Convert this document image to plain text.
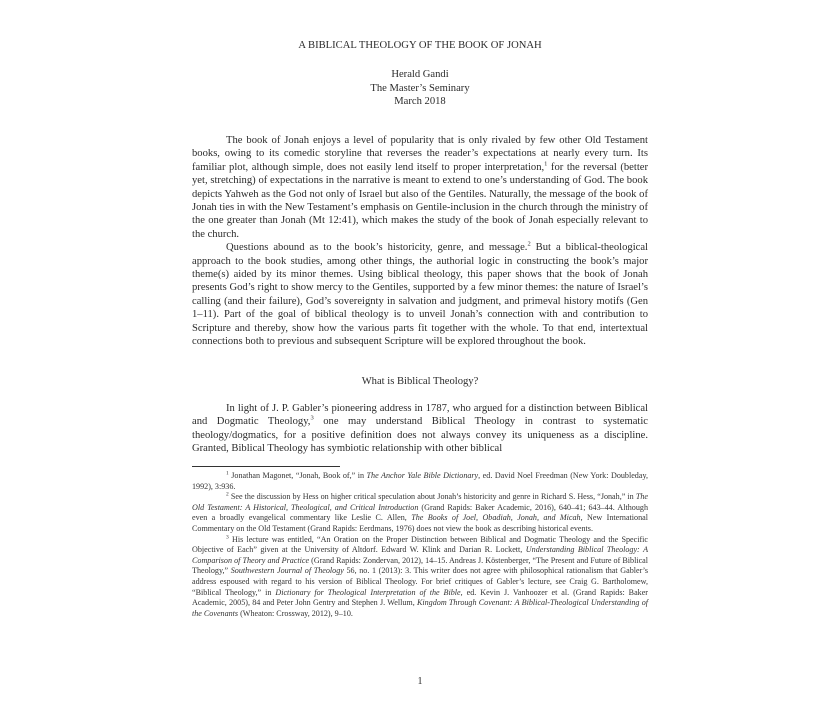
A BIBLICAL THEOLOGY OF THE BOOK OF JONAH
Herald Gandi
The Master’s Seminary
March 2018

The book of Jonah enjoys a level of popularity that is only rivaled by few other Old Testament books, owing to its comedic storyline that reverses the reader’s expectations at nearly every turn. Its familiar plot, although simple, does not easily lend itself to proper interpretation,$^1$ for the reversal (better yet, stretching) of expectations in the narrative is meant to extend to one’s understanding of God. The book depicts Yahweh as the God not only of Israel but also of the Gentiles. Naturally, the message of the book of Jonah ties in with the New Testament’s emphasis on Gentile-inclusion in the church through the ministry of the one greater than Jonah (Mt 12:41), which makes the study of the book of Jonah especially relevant to the church.

Questions abound as to the book’s historicity, genre, and message.$^2$ But a biblical-theological approach to the book studies, among other things, the authorial logic in constructing the book’s major theme(s) aided by its minor themes. Using biblical theology, this paper shows that the book of Jonah presents God’s right to show mercy to the Gentiles, supported by a few minor themes: the nature of Israel’s calling (and their failure), God’s sovereignty in salvation and judgment, and primeval history motifs (Gen 1–11). Part of the goal of biblical theology is to unveil Jonah’s connection with and contribution to Scripture and thereby, show how the various parts fit together with the whole. To that end, intertextual connections both to previous and subsequent Scripture will be explored throughout the book.

What is Biblical Theology?

In light of J. P. Gabler’s pioneering address in 1787, who argued for a distinction between Biblical and Dogmatic Theology,$^3$ one may understand Biblical Theology in contrast to systematic theology/dogmatics, for a positive definition does not always convey its uniqueness as a discipline. Granted, Biblical Theology has symbiotic relationship with other biblical

$^1$ Jonathan Magonet, “Jonah, Book of,” in The Anchor Yale Bible Dictionary, ed. David Noel Freedman (New York: Doubleday, 1992), 3:936.

$^2$ See the discussion by Hess on higher critical speculation about Jonah’s historicity and genre in Richard S. Hess, “Jonah,” in The Old Testament: A Historical, Theological, and Critical Introduction (Grand Rapids: Baker Academic, 2016), 640–41; 643–44. Although even a broadly evangelical commentary like Leslie C. Allen, The Books of Joel, Obadiah, Jonah, and Micah, New International Commentary on the Old Testament (Grand Rapids: Eerdmans, 1976) does not view the book as describing historical events.

$^3$ His lecture was entitled, “An Oration on the Proper Distinction between Biblical and Dogmatic Theology and the Specific Objective of Each” given at the University of Altdorf. Edward W. Klink and Darian R. Lockett, Understanding Biblical Theology: A Comparison of Theory and Practice (Grand Rapids: Zondervan, 2012), 14–15. Andreas J. Köstenberger, “The Present and Future of Biblical Theology,” Southwestern Journal of Theology 56, no. 1 (2013): 3. This writer does not agree with philosophical rationalism that Gabler’s address espoused with regard to his version of Biblical Theology. For brief critiques of Gabler’s lecture, see Craig G. Bartholomew, “Biblical Theology,” in Dictionary for Theological Interpretation of the Bible, ed. Kevin J. Vanhoozer et al. (Grand Rapids: Baker Academic, 2005), 84 and Peter John Gentry and Stephen J. Wellum, Kingdom Through Covenant: A Biblical-Theological Understanding of the Covenants (Wheaton: Crossway, 2012), 9–10.

1
